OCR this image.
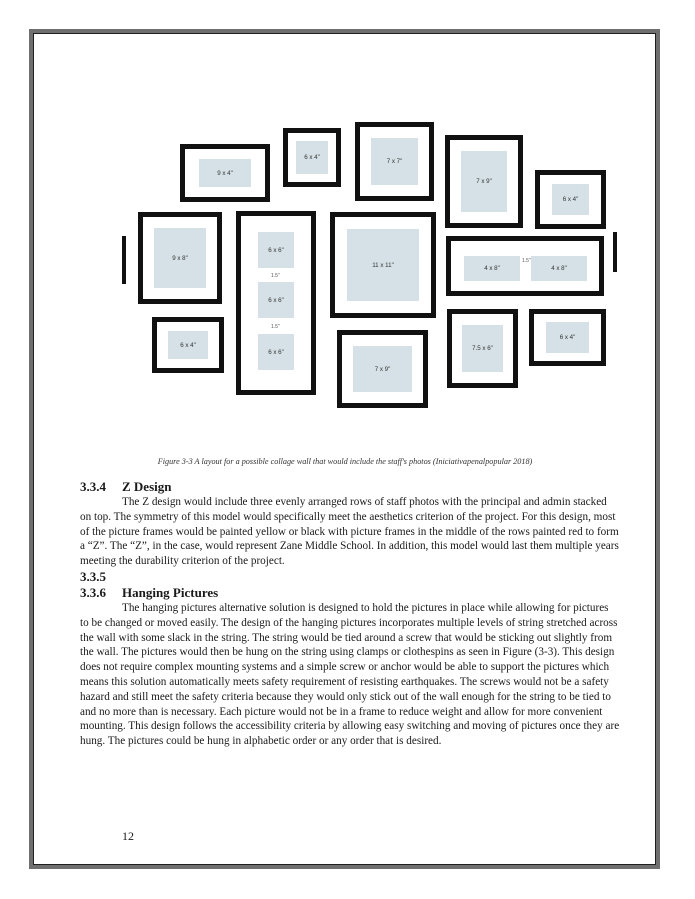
9 x 4"
6 x 4"
7 x 7"
7 x 9"
6 x 4"
9 x 8"
6 x 6"
1.5"
6 x 6"
1.5"
6 x 6"
11 x 11"	4 x 8"
1.5"
4 x 8"
6 x 4"
7 x 9"
7.5 x 6"
6 x 4"
Figure 3-3 A layout for a possible collage wall that would include the staff's photos (Iniciativapenalpopular 2018)
3.3.4 Z Design

The Z design would include three evenly arranged rows of staff photos with the principal and admin stacked on top. The symmetry of this model would specifically meet the aesthetics criterion of the project. For this design, most of the picture frames would be painted yellow or black with picture frames in the middle of the rows painted red to form a “Z”. The “Z”, in the case, would represent Zane Middle School. In addition, this model would last them multiple years meeting the durability criterion of the project.

3.3.5
3.3.6 Hanging Pictures

The hanging pictures alternative solution is designed to hold the pictures in place while allowing for pictures to be changed or moved easily. The design of the hanging pictures incorporates multiple levels of string stretched across the wall with some slack in the string. The string would be tied around a screw that would be sticking out slightly from the wall. The pictures would then be hung on the string using clamps or clothespins as seen in Figure (3-3). This design does not require complex mounting systems and a simple screw or anchor would be able to support the pictures which means this solution automatically meets safety requirement of resisting earthquakes. The screws would not be a safety hazard and still meet the safety criteria because they would only stick out of the wall enough for the string to be tied to and no more than is necessary. Each picture would not be in a frame to reduce weight and allow for more convenient mounting. This design follows the accessibility criteria by allowing easy switching and moving of pictures once they are hung. The pictures could be hung in alphabetic order or any order that is desired.

12
